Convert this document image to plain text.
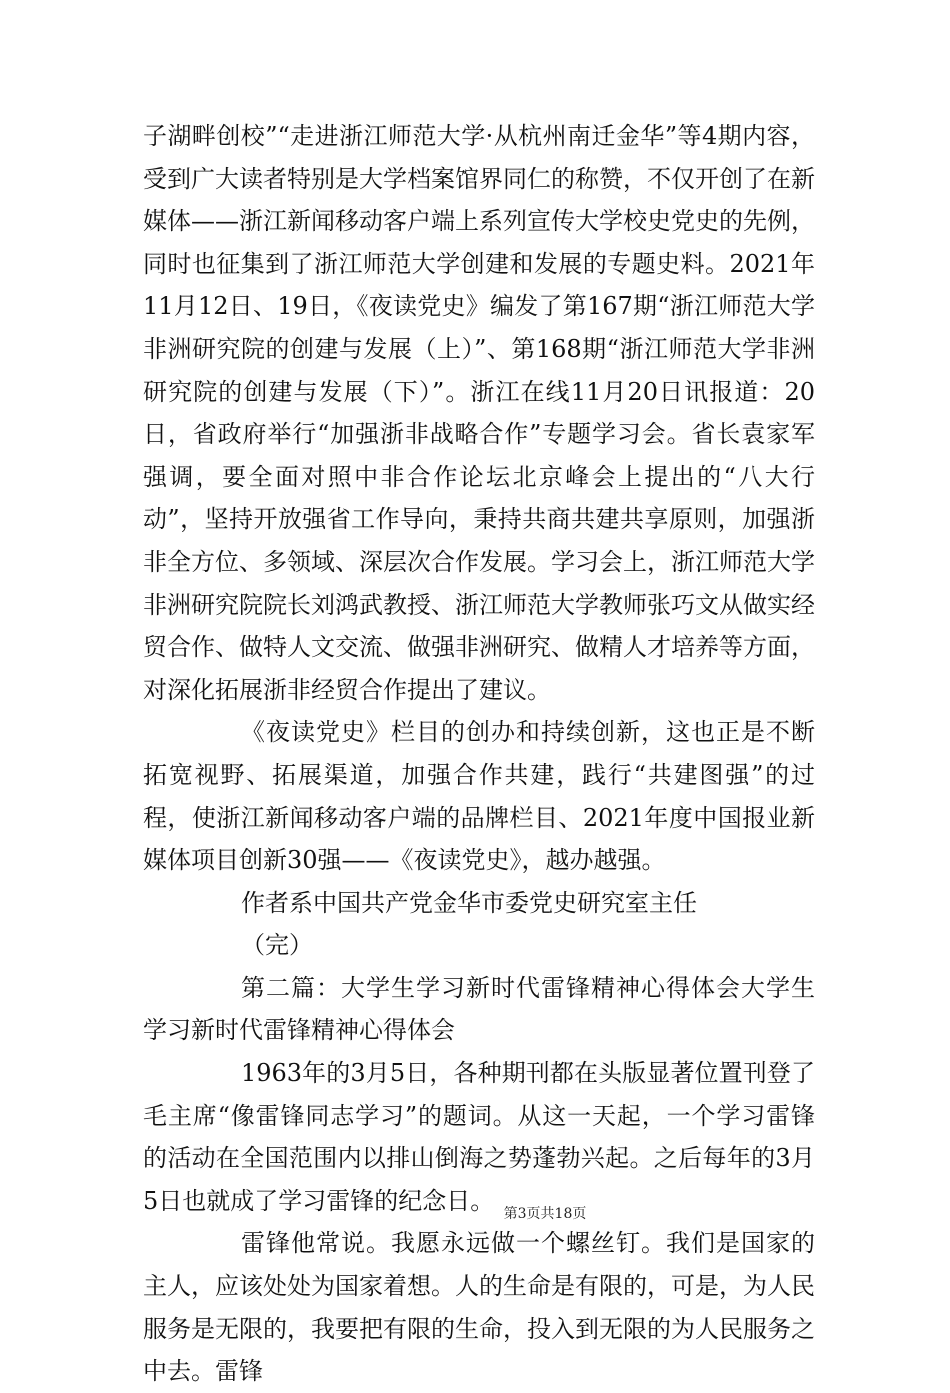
子湖畔创校”“走进浙江师范大学·从杭州南迁金华”等4期内容，受到广大读者特别是大学档案馆界同仁的称赞，不仅开创了在新媒体——浙江新闻移动客户端上系列宣传大学校史党史的先例，同时也征集到了浙江师范大学创建和发展的专题史料。2021年11月12日、19日，《夜读党史》编发了第167期“浙江师范大学非洲研究院的创建与发展（上）”、第168期“浙江师范大学非洲研究院的创建与发展（下）”。浙江在线11月20日讯报道：20日，省政府举行“加强浙非战略合作”专题学习会。省长袁家军强调，要全面对照中非合作论坛北京峰会上提出的“八大行动”，坚持开放强省工作导向，秉持共商共建共享原则，加强浙非全方位、多领域、深层次合作发展。学习会上，浙江师范大学非洲研究院院长刘鸿武教授、浙江师范大学教师张巧文从做实经贸合作、做特人文交流、做强非洲研究、做精人才培养等方面，对深化拓展浙非经贸合作提出了建议。

《夜读党史》栏目的创办和持续创新，这也正是不断拓宽视野、拓展渠道，加强合作共建，践行“共建图强”的过程，使浙江新闻移动客户端的品牌栏目、2021年度中国报业新媒体项目创新30强——《夜读党史》，越办越强。

作者系中国共产党金华市委党史研究室主任

（完）

第二篇：大学生学习新时代雷锋精神心得体会大学生学习新时代雷锋精神心得体会

1963年的3月5日，各种期刊都在头版显著位置刊登了毛主席“像雷锋同志学习”的题词。从这一天起，一个学习雷锋的活动在全国范围内以排山倒海之势蓬勃兴起。之后每年的3月5日也就成了学习雷锋的纪念日。

雷锋他常说。我愿永远做一个螺丝钉。我们是国家的主人，应该处处为国家着想。人的生命是有限的，可是，为人民服务是无限的，我要把有限的生命，投入到无限的为人民服务之中去。雷锋

第3页共18页
